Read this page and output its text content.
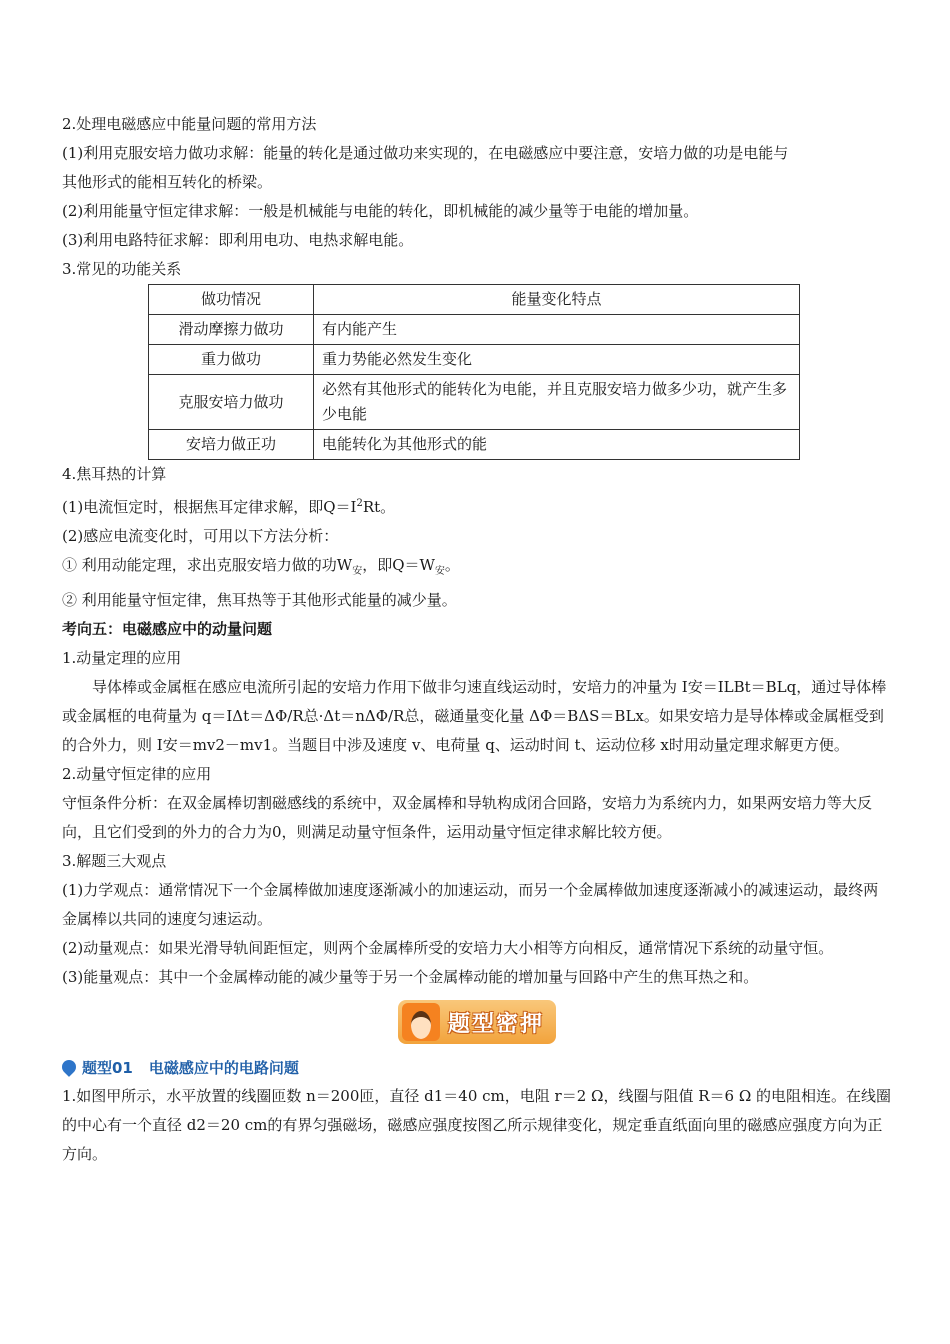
2.处理电磁感应中能量问题的常用方法
(1)利用克服安培力做功求解：能量的转化是通过做功来实现的，在电磁感应中要注意，安培力做的功是电能与
其他形式的能相互转化的桥梁。
(2)利用能量守恒定律求解：一般是机械能与电能的转化，即机械能的减少量等于电能的增加量。
(3)利用电路特征求解：即利用电功、电热求解电能。
3.常见的功能关系
做功情况	能量变化特点
滑动摩擦力做功	有内能产生
重力做功	重力势能必然发生变化
克服安培力做功	必然有其他形式的能转化为电能，并且克服安培力做多少功，就产生多少电能
安培力做正功	电能转化为其他形式的能
4.焦耳热的计算
(1)电流恒定时，根据焦耳定律求解，即$Q=I^2Rt$。
(2)感应电流变化时，可用以下方法分析：
① 利用动能定理，求出克服安培力做的功$W_安$，即$Q=W_安$。
② 利用能量守恒定律，焦耳热等于其他形式能量的减少量。
考向五：电磁感应中的动量问题
1.动量定理的应用
导体棒或金属框在感应电流所引起的安培力作用下做非匀速直线运动时，安培力的冲量为 I安＝ILBt＝BLq，通过导体棒或金属框的电荷量为 q＝IΔt＝ΔΦ/R总·Δt＝nΔΦ/R总，磁通量变化量 ΔΦ＝BΔS＝BLx。如果安培力是导体棒或金属框受到的合外力，则 I安＝mv2－mv1。当题目中涉及速度 v、电荷量 q、运动时间 t、运动位移 x时用动量定理求解更方便。
2.动量守恒定律的应用
守恒条件分析：在双金属棒切割磁感线的系统中，双金属棒和导轨构成闭合回路，安培力为系统内力，如果两安培力等大反向，且它们受到的外力的合力为0，则满足动量守恒条件，运用动量守恒定律求解比较方便。
3.解题三大观点
(1)力学观点：通常情况下一个金属棒做加速度逐渐减小的加速运动，而另一个金属棒做加速度逐渐减小的减速运动，最终两金属棒以共同的速度匀速运动。
(2)动量观点：如果光滑导轨间距恒定，则两个金属棒所受的安培力大小相等方向相反，通常情况下系统的动量守恒。
(3)能量观点：其中一个金属棒动能的减少量等于另一个金属棒动能的增加量与回路中产生的焦耳热之和。
题型密押
题型01 电磁感应中的电路问题
1.如图甲所示，水平放置的线圈匝数 n＝200匝，直径 d1＝40 cm，电阻 r＝2 Ω，线圈与阻值 R＝6 Ω 的电阻相连。在线圈的中心有一个直径 d2＝20 cm的有界匀强磁场，磁感应强度按图乙所示规律变化，规定垂直纸面向里的磁感应强度方向为正方向。
